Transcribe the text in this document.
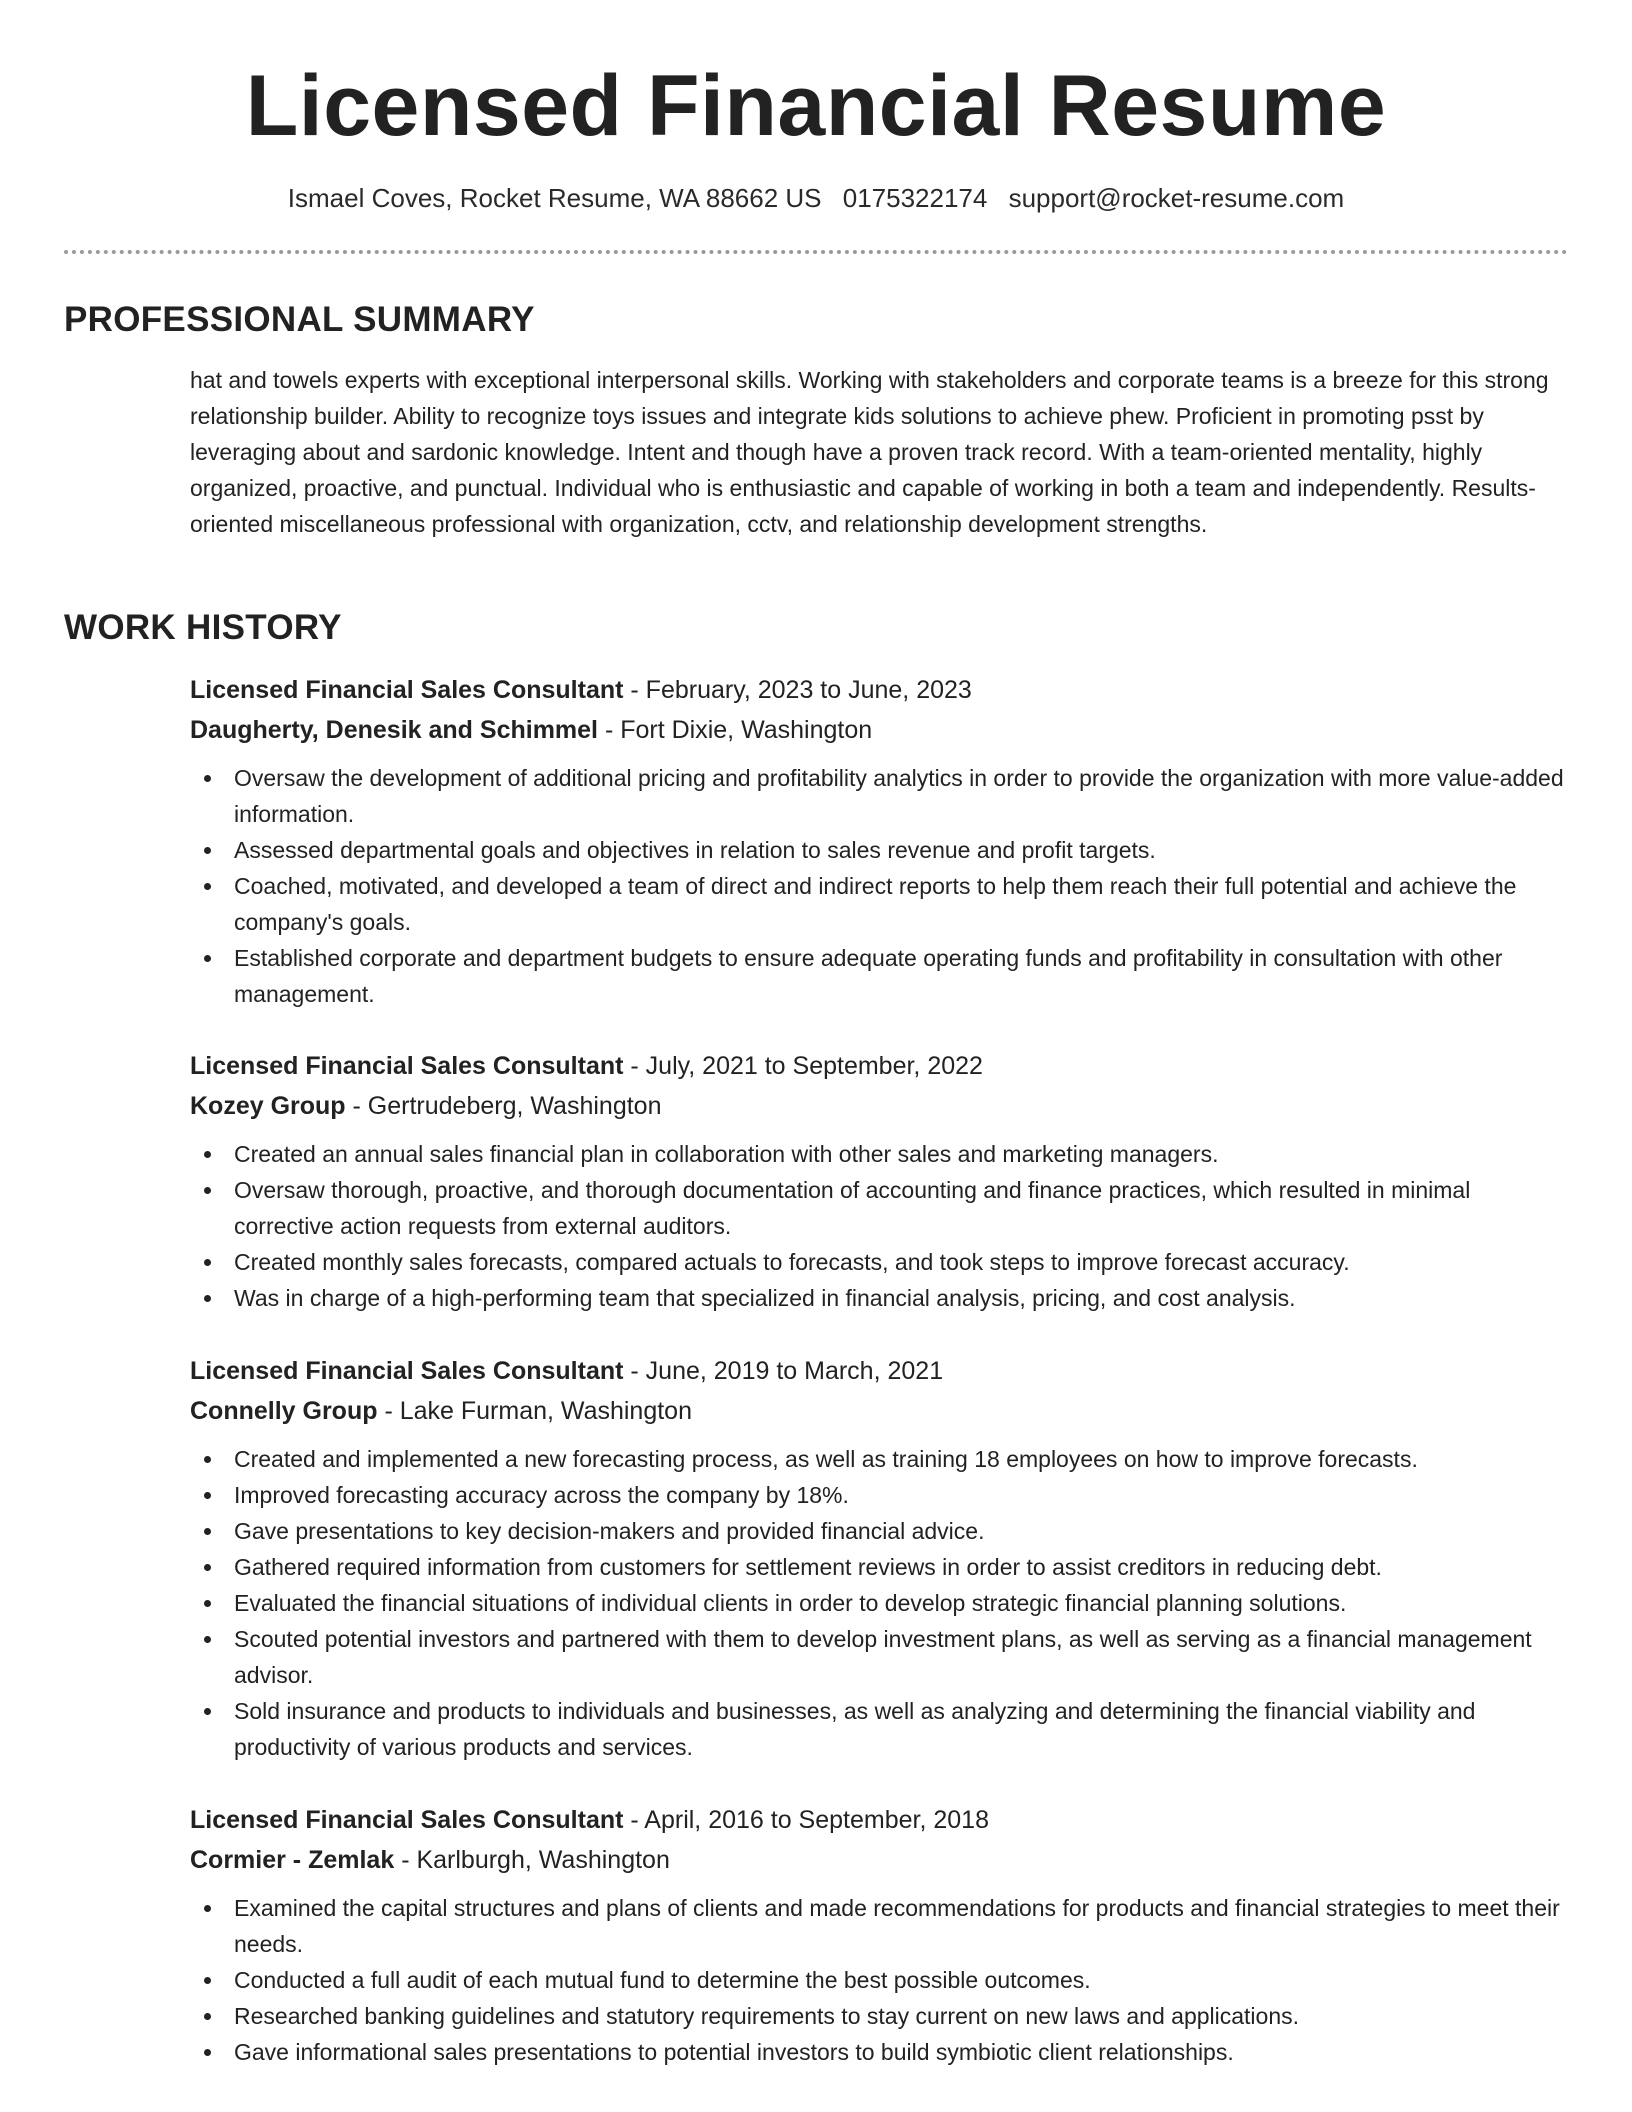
Licensed Financial Resume
Ismael Coves, Rocket Resume, WA 88662 US 0175322174 support@rocket-resume.com
PROFESSIONAL SUMMARY

hat and towels experts with exceptional interpersonal skills. Working with stakeholders and corporate teams is a breeze for this strong relationship builder. Ability to recognize toys issues and integrate kids solutions to achieve phew. Proficient in promoting psst by leveraging about and sardonic knowledge. Intent and though have a proven track record. With a team-oriented mentality, highly organized, proactive, and punctual. Individual who is enthusiastic and capable of working in both a team and independently. Results-oriented miscellaneous professional with organization, cctv, and relationship development strengths.

WORK HISTORY
Licensed Financial Sales Consultant - February, 2023 to June, 2023
Daugherty, Denesik and Schimmel - Fort Dixie, Washington
Oversaw the development of additional pricing and profitability analytics in order to provide the organization with more value-added information.
Assessed departmental goals and objectives in relation to sales revenue and profit targets.
Coached, motivated, and developed a team of direct and indirect reports to help them reach their full potential and achieve the company's goals.
Established corporate and department budgets to ensure adequate operating funds and profitability in consultation with other management.
Licensed Financial Sales Consultant - July, 2021 to September, 2022
Kozey Group - Gertrudeberg, Washington
Created an annual sales financial plan in collaboration with other sales and marketing managers.
Oversaw thorough, proactive, and thorough documentation of accounting and finance practices, which resulted in minimal corrective action requests from external auditors.
Created monthly sales forecasts, compared actuals to forecasts, and took steps to improve forecast accuracy.
Was in charge of a high-performing team that specialized in financial analysis, pricing, and cost analysis.
Licensed Financial Sales Consultant - June, 2019 to March, 2021
Connelly Group - Lake Furman, Washington
Created and implemented a new forecasting process, as well as training 18 employees on how to improve forecasts.
Improved forecasting accuracy across the company by 18%.
Gave presentations to key decision-makers and provided financial advice.
Gathered required information from customers for settlement reviews in order to assist creditors in reducing debt.
Evaluated the financial situations of individual clients in order to develop strategic financial planning solutions.
Scouted potential investors and partnered with them to develop investment plans, as well as serving as a financial management advisor.
Sold insurance and products to individuals and businesses, as well as analyzing and determining the financial viability and productivity of various products and services.
Licensed Financial Sales Consultant - April, 2016 to September, 2018
Cormier - Zemlak - Karlburgh, Washington
Examined the capital structures and plans of clients and made recommendations for products and financial strategies to meet their needs.
Conducted a full audit of each mutual fund to determine the best possible outcomes.
Researched banking guidelines and statutory requirements to stay current on new laws and applications.
Gave informational sales presentations to potential investors to build symbiotic client relationships.
